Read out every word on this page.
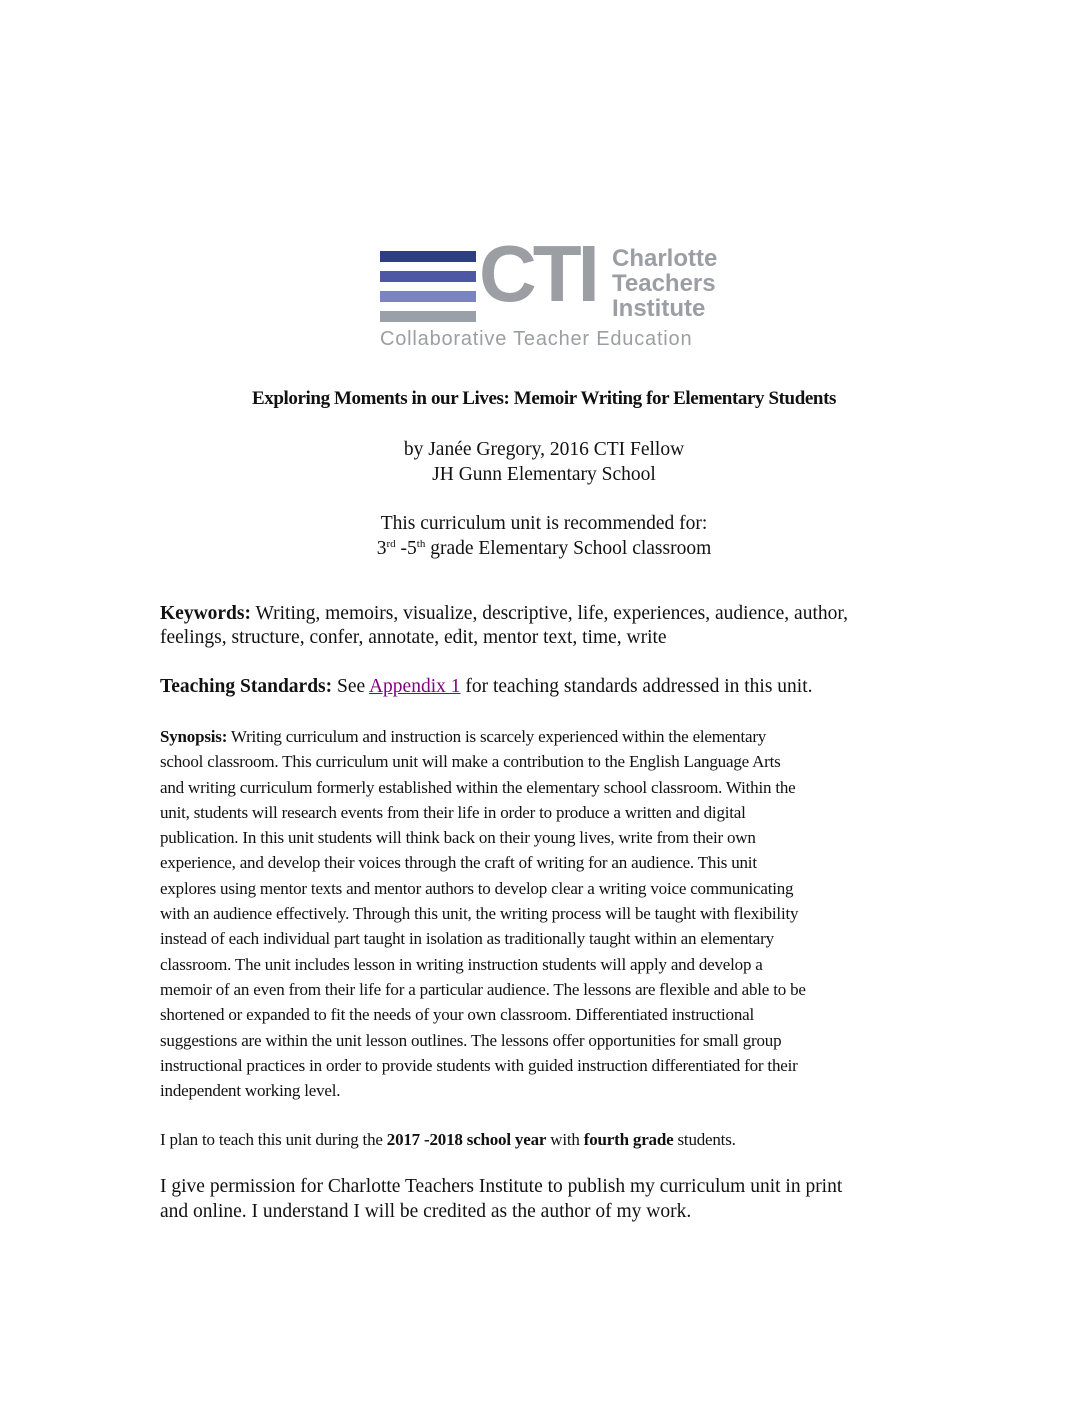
CTI Charlotte
Teachers
Institute
Collaborative Teacher Education
Exploring Moments in our Lives: Memoir Writing for Elementary Students
by Janée Gregory, 2016 CTI Fellow
JH Gunn Elementary School
This curriculum unit is recommended for:
3rd -5th grade Elementary School classroom
Keywords: Writing, memoirs, visualize, descriptive, life, experiences, audience, author,
feelings, structure, confer, annotate, edit, mentor text, time, write
Teaching Standards: See Appendix 1 for teaching standards addressed in this unit.
Synopsis: Writing curriculum and instruction is scarcely experienced within the elementary
school classroom. This curriculum unit will make a contribution to the English Language Arts
and writing curriculum formerly established within the elementary school classroom. Within the
unit, students will research events from their life in order to produce a written and digital
publication. In this unit students will think back on their young lives, write from their own
experience, and develop their voices through the craft of writing for an audience. This unit
explores using mentor texts and mentor authors to develop clear a writing voice communicating
with an audience effectively. Through this unit, the writing process will be taught with flexibility
instead of each individual part taught in isolation as traditionally taught within an elementary
classroom. The unit includes lesson in writing instruction students will apply and develop a
memoir of an even from their life for a particular audience. The lessons are flexible and able to be
shortened or expanded to fit the needs of your own classroom. Differentiated instructional
suggestions are within the unit lesson outlines. The lessons offer opportunities for small group
instructional practices in order to provide students with guided instruction differentiated for their
independent working level.
I plan to teach this unit during the 2017 -2018 school year with fourth grade students.
I give permission for Charlotte Teachers Institute to publish my curriculum unit in print
and online. I understand I will be credited as the author of my work.
